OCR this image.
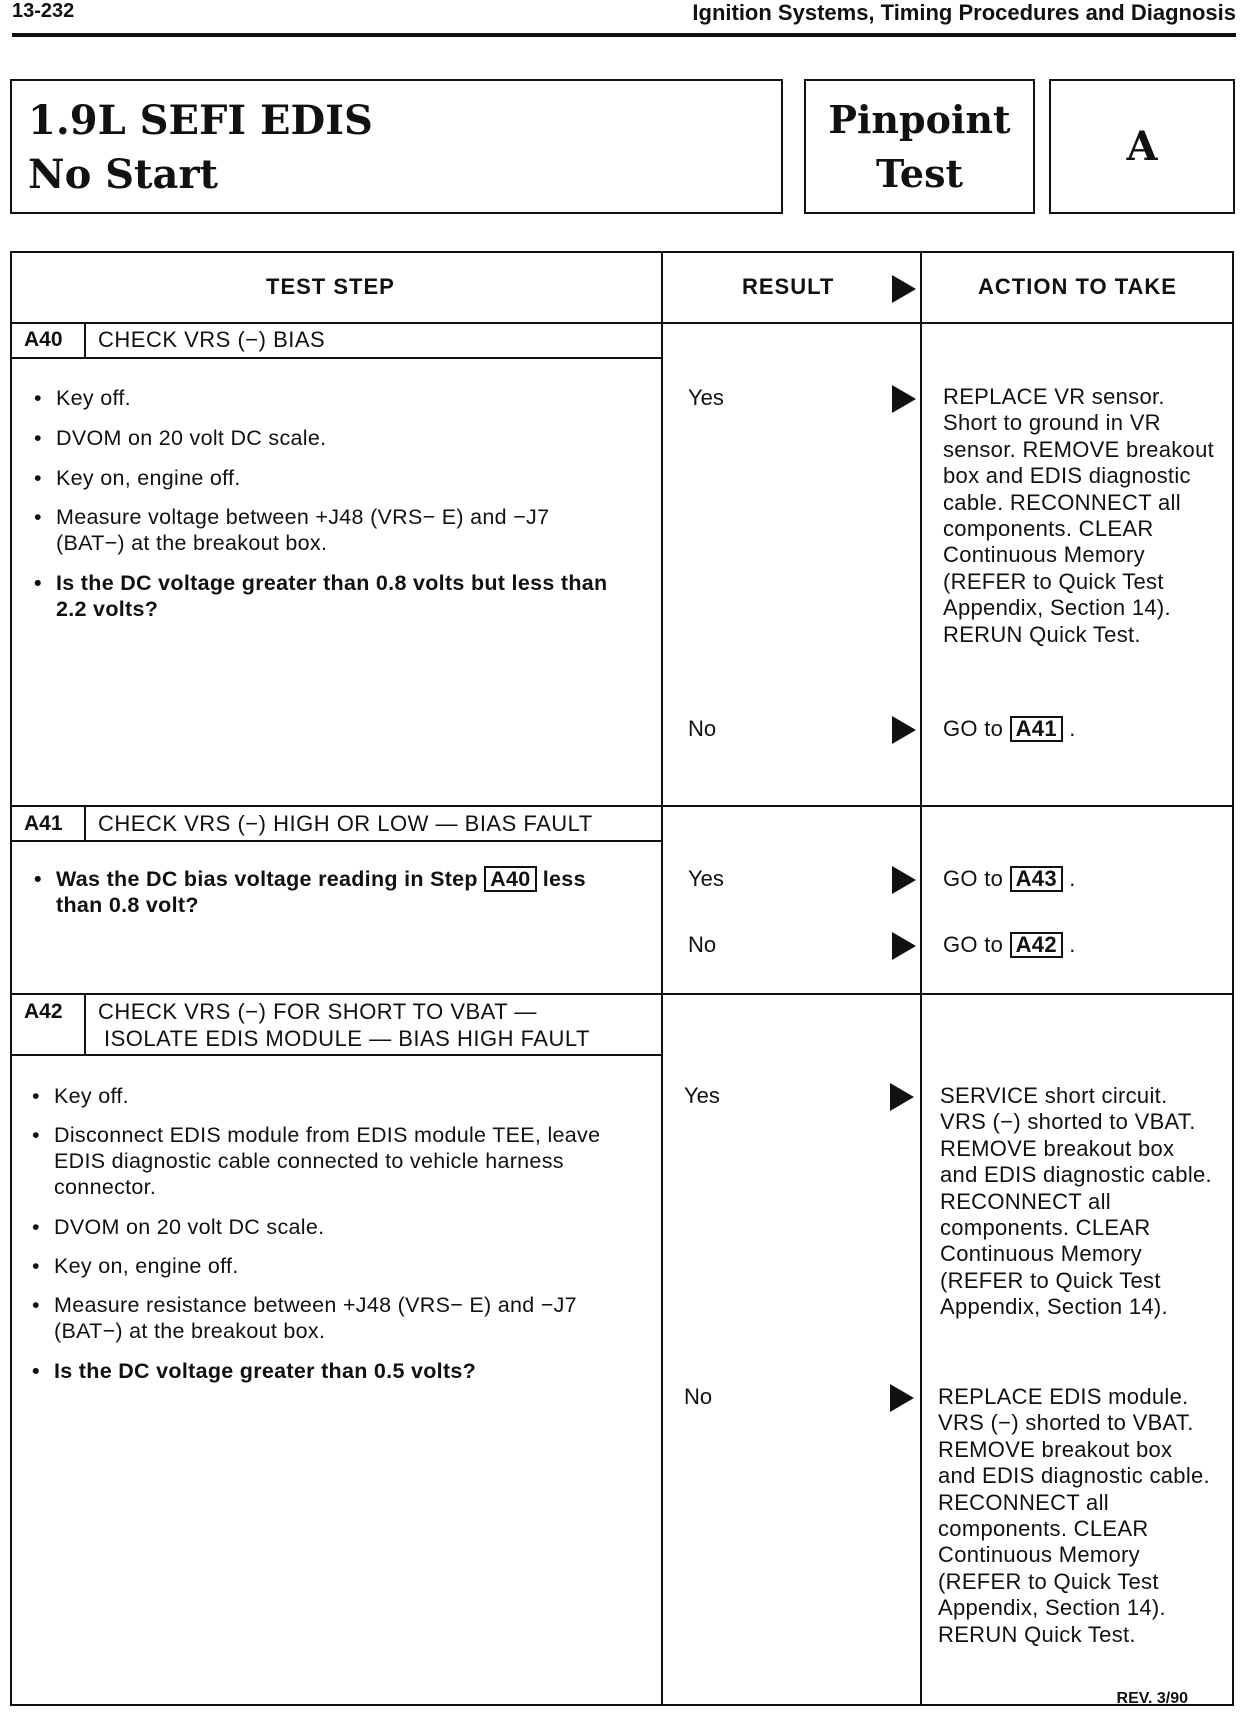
13-232	Ignition Systems, Timing Procedures and Diagnosis
1.9L SEFI EDIS
No Start
Pinpoint
Test
A
TEST STEP	RESULT	ACTION TO TAKE
A40 CHECK VRS (−) BIAS
• Key off.
• DVOM on 20 volt DC scale.
• Key on, engine off.
• Measure voltage between +J48 (VRS− E) and −J7 (BAT−) at the breakout box.
• Is the DC voltage greater than 0.8 volts but less than 2.2 volts?
Yes	REPLACE VR sensor. Short to ground in VR sensor. REMOVE breakout box and EDIS diagnostic cable. RECONNECT all components. CLEAR Continuous Memory (REFER to Quick Test Appendix, Section 14). RERUN Quick Test.
No	GO to A41 .
A41 CHECK VRS (−) HIGH OR LOW — BIAS FAULT
• Was the DC bias voltage reading in Step A40 less than 0.8 volt?
Yes	GO to A43 .
No	GO to A42 .
A42 CHECK VRS (−) FOR SHORT TO VBAT —
ISOLATE EDIS MODULE — BIAS HIGH FAULT
• Key off.
• Disconnect EDIS module from EDIS module TEE, leave EDIS diagnostic cable connected to vehicle harness connector.
• DVOM on 20 volt DC scale.
• Key on, engine off.
• Measure resistance between +J48 (VRS− E) and −J7 (BAT−) at the breakout box.
• Is the DC voltage greater than 0.5 volts?
Yes	SERVICE short circuit. VRS (−) shorted to VBAT. REMOVE breakout box and EDIS diagnostic cable. RECONNECT all components. CLEAR Continuous Memory (REFER to Quick Test Appendix, Section 14).
No	REPLACE EDIS module. VRS (−) shorted to VBAT. REMOVE breakout box and EDIS diagnostic cable. RECONNECT all components. CLEAR Continuous Memory (REFER to Quick Test Appendix, Section 14). RERUN Quick Test.
REV. 3/90
